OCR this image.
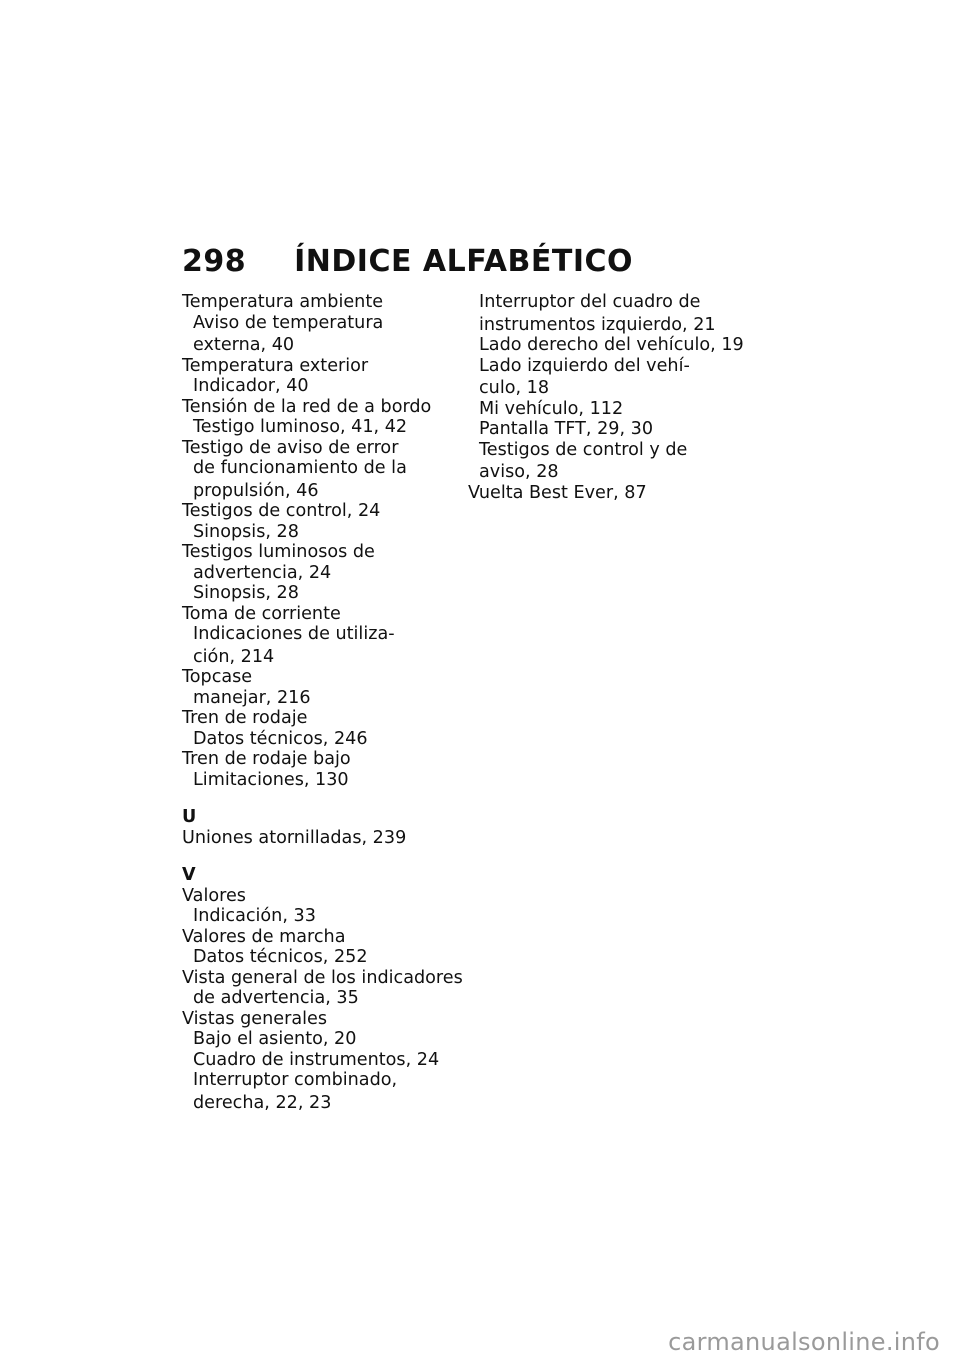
298 ÍNDICE ALFABÉTICO
Temperatura ambiente
Aviso de temperatura
externa, 40
Temperatura exterior
Indicador, 40
Tensión de la red de a bordo
Testigo luminoso, 41, 42
Testigo de aviso de error
de funcionamiento de la
propulsión, 46
Testigos de control, 24
Sinopsis, 28
Testigos luminosos de
advertencia, 24
Sinopsis, 28
Toma de corriente
Indicaciones de utiliza-
ción, 214
Topcase
manejar, 216
Tren de rodaje
Datos técnicos, 246
Tren de rodaje bajo
Limitaciones, 130
U
Uniones atornilladas, 239
V
Valores
Indicación, 33
Valores de marcha
Datos técnicos, 252
Vista general de los indicadores
de advertencia, 35
Vistas generales
Bajo el asiento, 20
Cuadro de instrumentos, 24
Interruptor combinado,
derecha, 22, 23
Interruptor del cuadro de
instrumentos izquierdo, 21
Lado derecho del vehículo, 19
Lado izquierdo del vehí-
culo, 18
Mi vehículo, 112
Pantalla TFT, 29, 30
Testigos de control y de
aviso, 28
Vuelta Best Ever, 87
carmanualsonline.info
